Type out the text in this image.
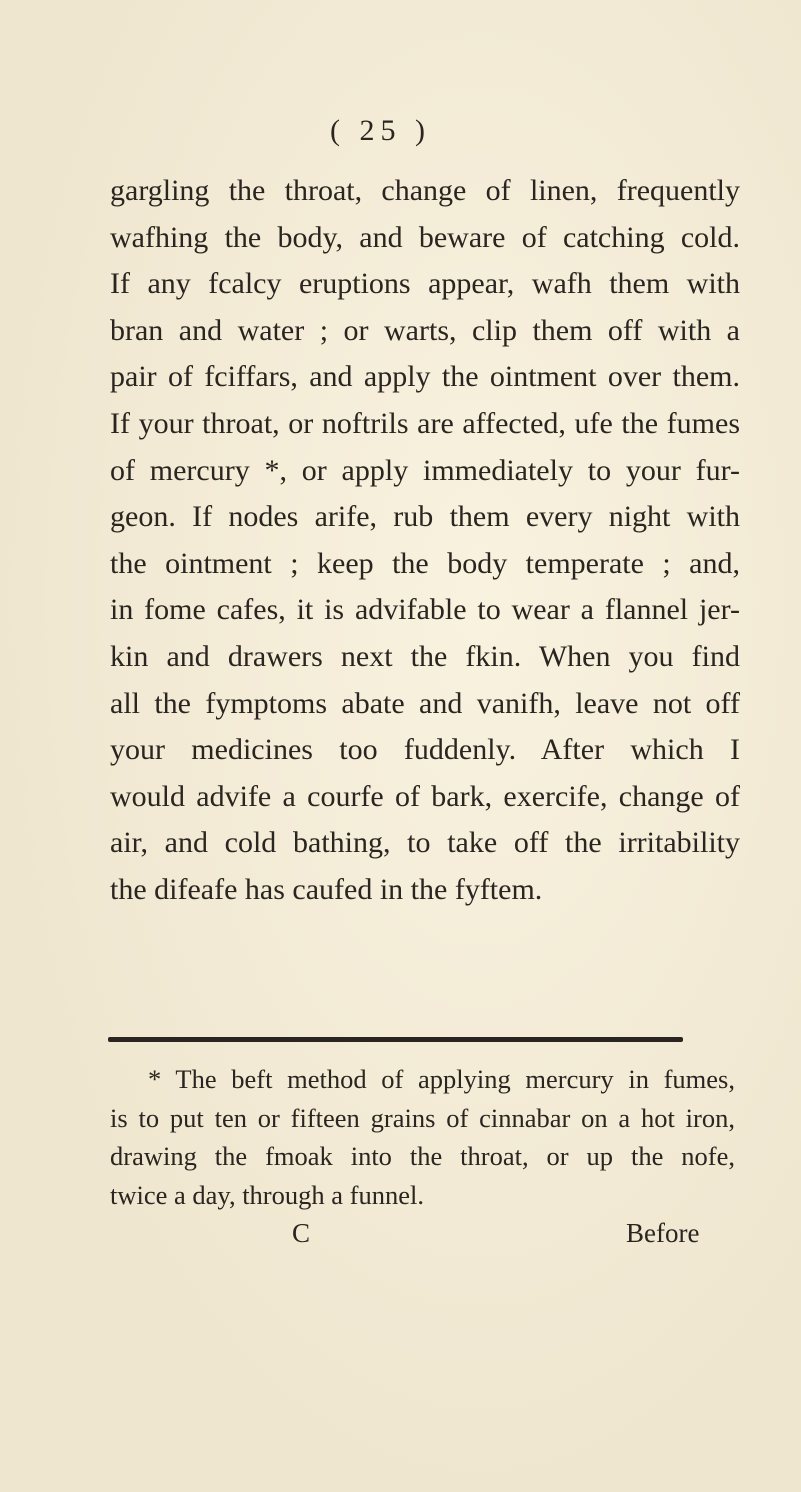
( 25 )
gargling the throat, change of linen, frequently
wafhing the body, and beware of catching cold.
If any fcalcy eruptions appear, wafh them with
bran and water ; or warts, clip them off with a
pair of fciffars, and apply the ointment over them.
If your throat, or noftrils are affected, ufe the fumes
of mercury *, or apply immediately to your fur-
geon. If nodes arife, rub them every night with
the ointment ; keep the body temperate ; and,
in fome cafes, it is advifable to wear a flannel jer-
kin and drawers next the fkin. When you find
all the fymptoms abate and vanifh, leave not off
your medicines too fuddenly. After which I
would advife a courfe of bark, exercife, change of
air, and cold bathing, to take off the irritability
the difeafe has caufed in the fyftem.
* The beft method of applying mercury in fumes,
is to put ten or fifteen grains of cinnabar on a hot iron,
drawing the fmoak into the throat, or up the nofe,
twice a day, through a funnel.
C	Before
